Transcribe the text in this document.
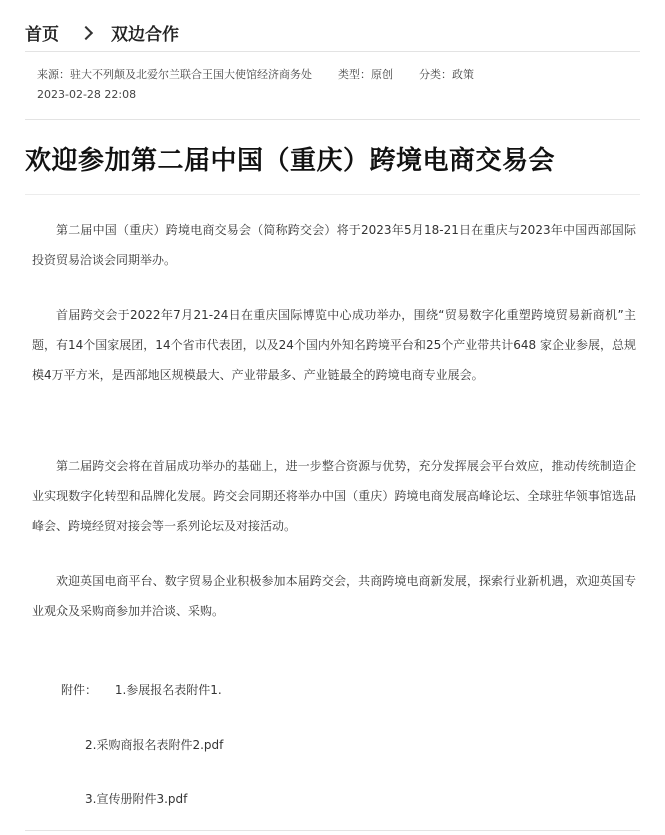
首页	双边合作
来源：驻大不列颠及北爱尔兰联合王国大使馆经济商务处 类型：原创 分类：政策
2023-02-28 22:08
欢迎参加第二届中国（重庆）跨境电商交易会

第二届中国（重庆）跨境电商交易会（简称跨交会）将于2023年5月18-21日在重庆与2023年中国西部国际投资贸易洽谈会同期举办。

首届跨交会于2022年7月21-24日在重庆国际博览中心成功举办，围绕“贸易数字化重塑跨境贸易新商机”主题，有14个国家展团，14个省市代表团，以及24个国内外知名跨境平台和25个产业带共计648 家企业参展，总规模4万平方米，是西部地区规模最大、产业带最多、产业链最全的跨境电商专业展会。

第二届跨交会将在首届成功举办的基础上，进一步整合资源与优势，充分发挥展会平台效应，推动传统制造企业实现数字化转型和品牌化发展。跨交会同期还将举办中国（重庆）跨境电商发展高峰论坛、全球驻华领事馆选品峰会、跨境经贸对接会等一系列论坛及对接活动。

欢迎英国电商平台、数字贸易企业积极参加本届跨交会，共商跨境电商新发展，探索行业新机遇，欢迎英国专业观众及采购商参加并洽谈、采购。

附件： 1.参展报名表附件1.
2.采购商报名表附件2.pdf
3.宣传册附件3.pdf
